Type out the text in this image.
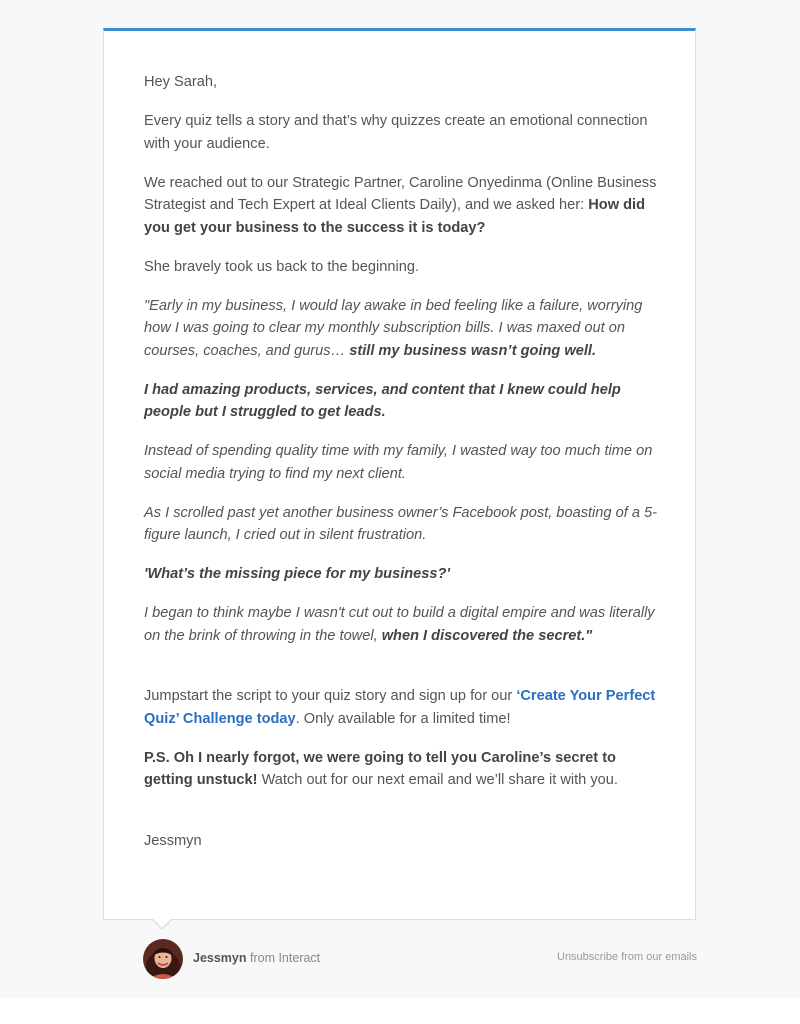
Hey Sarah,

Every quiz tells a story and that’s why quizzes create an emotional connection with your audience.

We reached out to our Strategic Partner, Caroline Onyedinma (Online Business Strategist and Tech Expert at Ideal Clients Daily), and we asked her: How did you get your business to the success it is today?

She bravely took us back to the beginning.

"Early in my business, I would lay awake in bed feeling like a failure, worrying how I was going to clear my monthly subscription bills. I was maxed out on courses, coaches, and gurus… still my business wasn’t going well.

I had amazing products, services, and content that I knew could help people but I struggled to get leads.

Instead of spending quality time with my family, I wasted way too much time on social media trying to find my next client.

As I scrolled past yet another business owner’s Facebook post, boasting of a 5-figure launch, I cried out in silent frustration.

'What’s the missing piece for my business?'

I began to think maybe I wasn't cut out to build a digital empire and was literally on the brink of throwing in the towel, when I discovered the secret."

Jumpstart the script to your quiz story and sign up for our ‘Create Your Perfect Quiz’ Challenge today. Only available for a limited time!

P.S. Oh I nearly forgot, we were going to tell you Caroline’s secret to getting unstuck! Watch out for our next email and we’ll share it with you.

Jessmyn

Jessmyn from Interact	Unsubscribe from our emails
